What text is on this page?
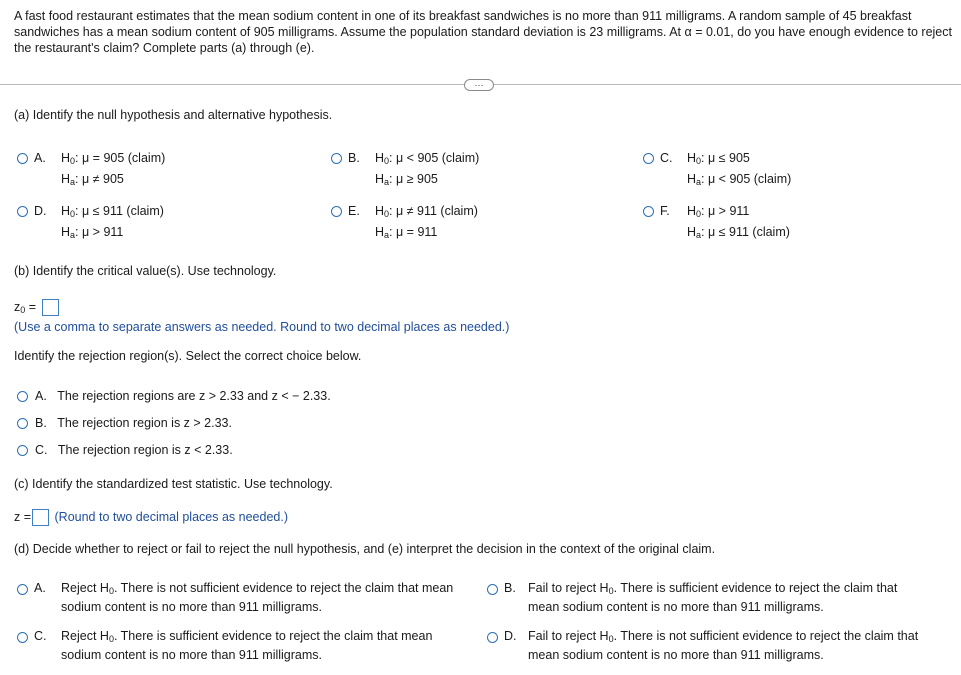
A fast food restaurant estimates that the mean sodium content in one of its breakfast sandwiches is no more than 911 milligrams. A random sample of 45 breakfast sandwiches has a mean sodium content of 905 milligrams. Assume the population standard deviation is 23 milligrams. At α = 0.01, do you have enough evidence to reject the restaurant's claim? Complete parts (a) through (e).
···
(a) Identify the null hypothesis and alternative hypothesis.
A. $H_0$: μ = 905 (claim)
$H_a$: μ ≠ 905
B. $H_0$: μ < 905 (claim)
$H_a$: μ ≥ 905
C. $H_0$: μ ≤ 905
$H_a$: μ < 905 (claim)
D. $H_0$: μ ≤ 911 (claim)
$H_a$: μ > 911
E. $H_0$: μ ≠ 911 (claim)
$H_a$: μ = 911
F. $H_0$: μ > 911
$H_a$: μ ≤ 911 (claim)
(b) Identify the critical value(s). Use technology.
$z_0$ =
(Use a comma to separate answers as needed. Round to two decimal places as needed.)
Identify the rejection region(s). Select the correct choice below.
A. The rejection regions are z > 2.33 and z < − 2.33.
B. The rejection region is z > 2.33.
C. The rejection region is z < 2.33.
(c) Identify the standardized test statistic. Use technology.
z = (Round to two decimal places as needed.)
(d) Decide whether to reject or fail to reject the null hypothesis, and (e) interpret the decision in the context of the original claim.
A. Reject $H_0$. There is not sufficient evidence to reject the claim that mean
sodium content is no more than 911 milligrams.
B. Fail to reject $H_0$. There is sufficient evidence to reject the claim that
mean sodium content is no more than 911 milligrams.
C. Reject $H_0$. There is sufficient evidence to reject the claim that mean
sodium content is no more than 911 milligrams.
D. Fail to reject $H_0$. There is not sufficient evidence to reject the claim that
mean sodium content is no more than 911 milligrams.
